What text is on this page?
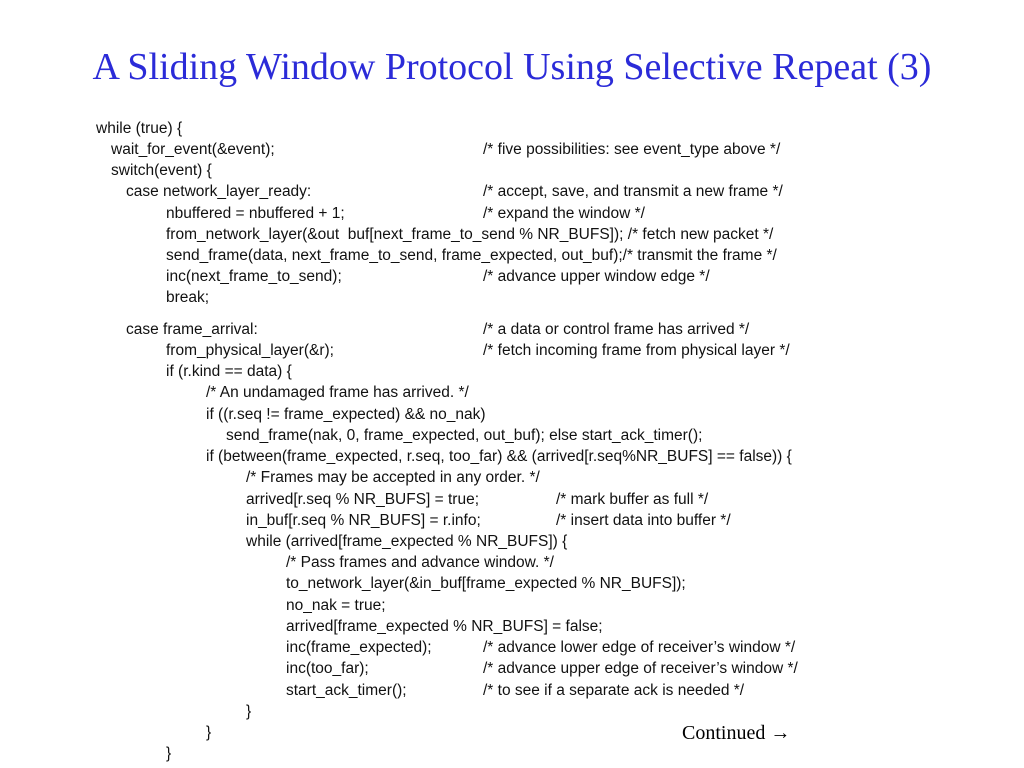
A Sliding Window Protocol Using Selective Repeat (3)
while (true) {
wait_for_event(&event);	/* five possibilities: see event_type above */
switch(event) {
case network_layer_ready:	/* accept, save, and transmit a new frame */
nbuffered = nbuffered + 1;	/* expand the window */
from_network_layer(&out  buf[next_frame_to_send % NR_BUFS]); /* fetch new packet */
send_frame(data, next_frame_to_send, frame_expected, out_buf);/* transmit the frame */
inc(next_frame_to_send);	/* advance upper window edge */
break;
case frame_arrival:	/* a data or control frame has arrived */
from_physical_layer(&r);	/* fetch incoming frame from physical layer */
if (r.kind == data) {
/* An undamaged frame has arrived. */
if ((r.seq != frame_expected) && no_nak)
send_frame(nak, 0, frame_expected, out_buf); else start_ack_timer();
if (between(frame_expected, r.seq, too_far) && (arrived[r.seq%NR_BUFS] == false)) {
/* Frames may be accepted in any order. */
arrived[r.seq % NR_BUFS] = true;	/* mark buffer as full */
in_buf[r.seq % NR_BUFS] = r.info;	/* insert data into buffer */
while (arrived[frame_expected % NR_BUFS]) {
/* Pass frames and advance window. */
to_network_layer(&in_buf[frame_expected % NR_BUFS]);
no_nak = true;
arrived[frame_expected % NR_BUFS] = false;
inc(frame_expected);	/* advance lower edge of receiver’s window */
inc(too_far);	/* advance upper edge of receiver’s window */
start_ack_timer();	/* to see if a separate ack is needed */
}
}
}
Continued →
